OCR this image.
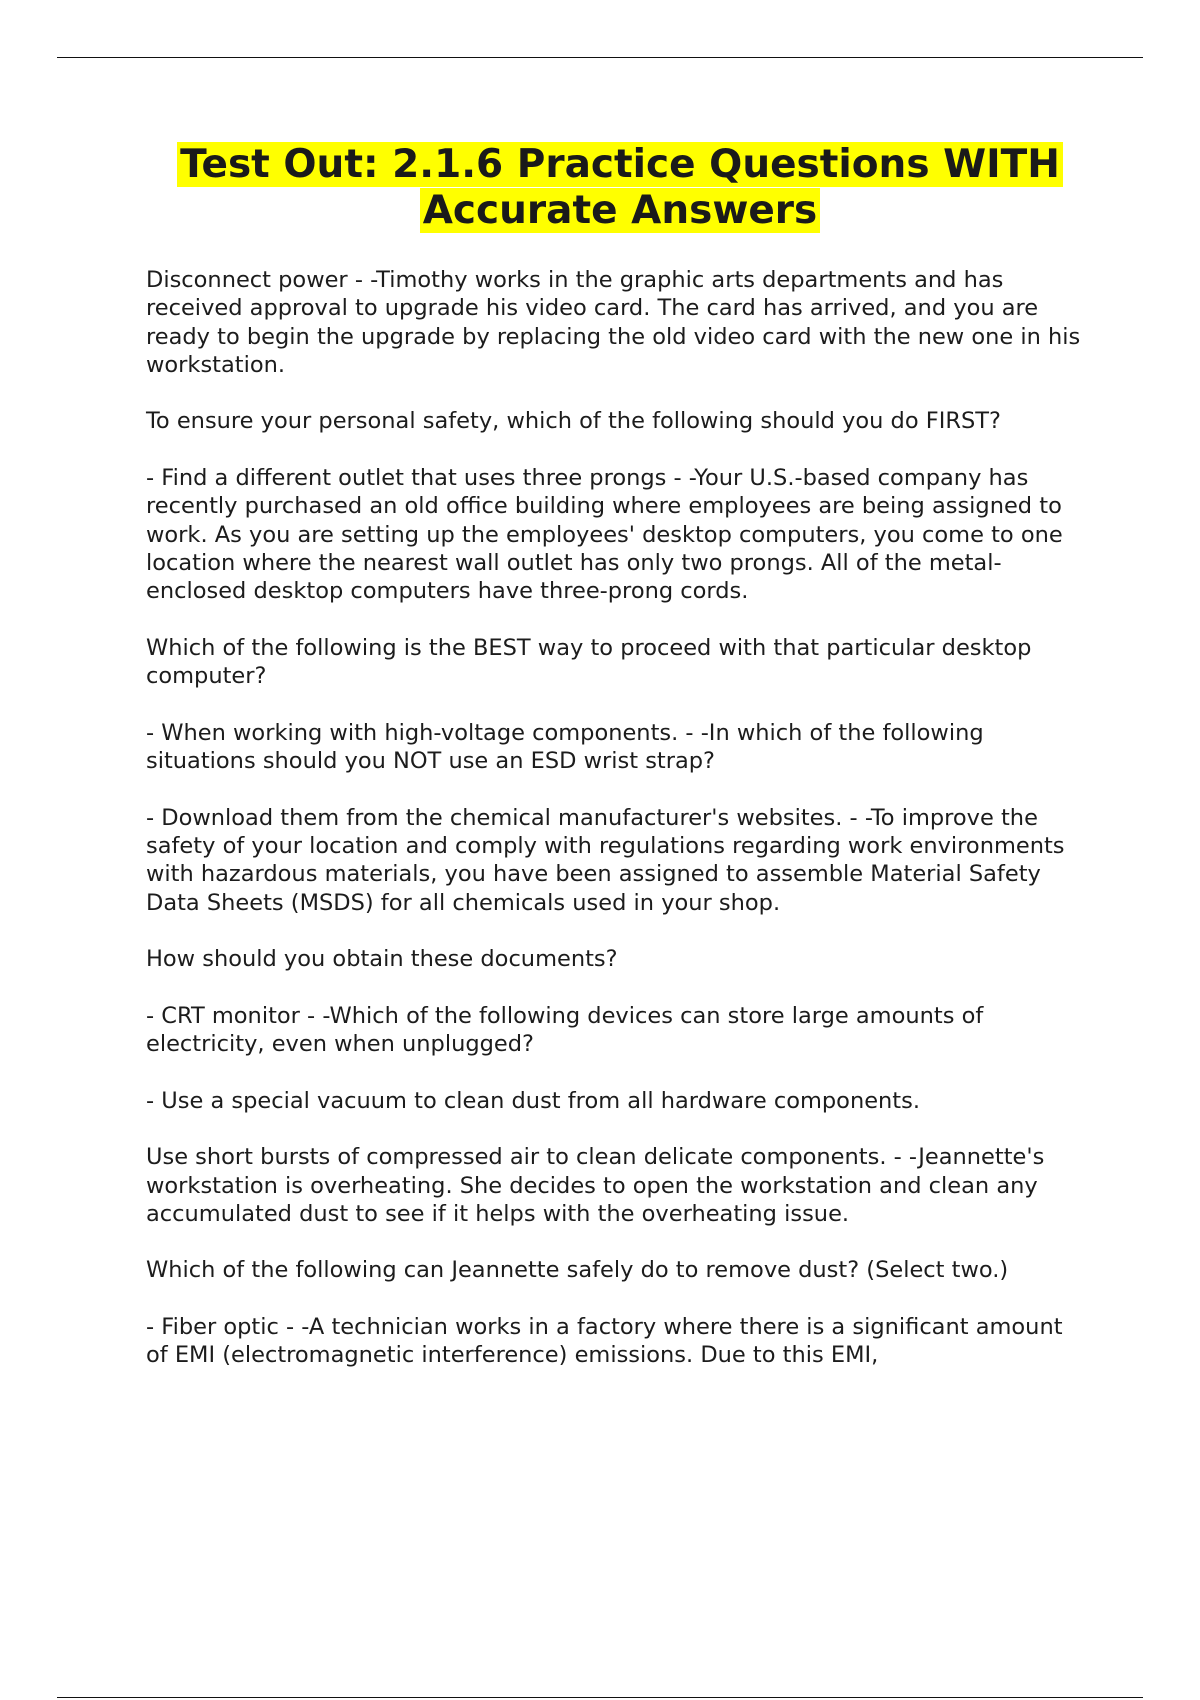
Test Out: 2.1.6 Practice Questions WITH
Accurate Answers

Disconnect power - -Timothy works in the graphic arts departments and has received approval to upgrade his video card. The card has arrived, and you are ready to begin the upgrade by replacing the old video card with the new one in his workstation.

To ensure your personal safety, which of the following should you do FIRST?

- Find a different outlet that uses three prongs - -Your U.S.-based company has recently purchased an old office building where employees are being assigned to work. As you are setting up the employees' desktop computers, you come to one location where the nearest wall outlet has only two prongs. All of the metal-enclosed desktop computers have three-prong cords.

Which of the following is the BEST way to proceed with that particular desktop computer?

- When working with high-voltage components. - -In which of the following situations should you NOT use an ESD wrist strap?

- Download them from the chemical manufacturer's websites. - -To improve the safety of your location and comply with regulations regarding work environments with hazardous materials, you have been assigned to assemble Material Safety Data Sheets (MSDS) for all chemicals used in your shop.

How should you obtain these documents?

- CRT monitor - -Which of the following devices can store large amounts of electricity, even when unplugged?

- Use a special vacuum to clean dust from all hardware components.

Use short bursts of compressed air to clean delicate components. - -Jeannette's workstation is overheating. She decides to open the workstation and clean any accumulated dust to see if it helps with the overheating issue.

Which of the following can Jeannette safely do to remove dust? (Select two.)

- Fiber optic - -A technician works in a factory where there is a significant amount of EMI (electromagnetic interference) emissions. Due to this EMI,
